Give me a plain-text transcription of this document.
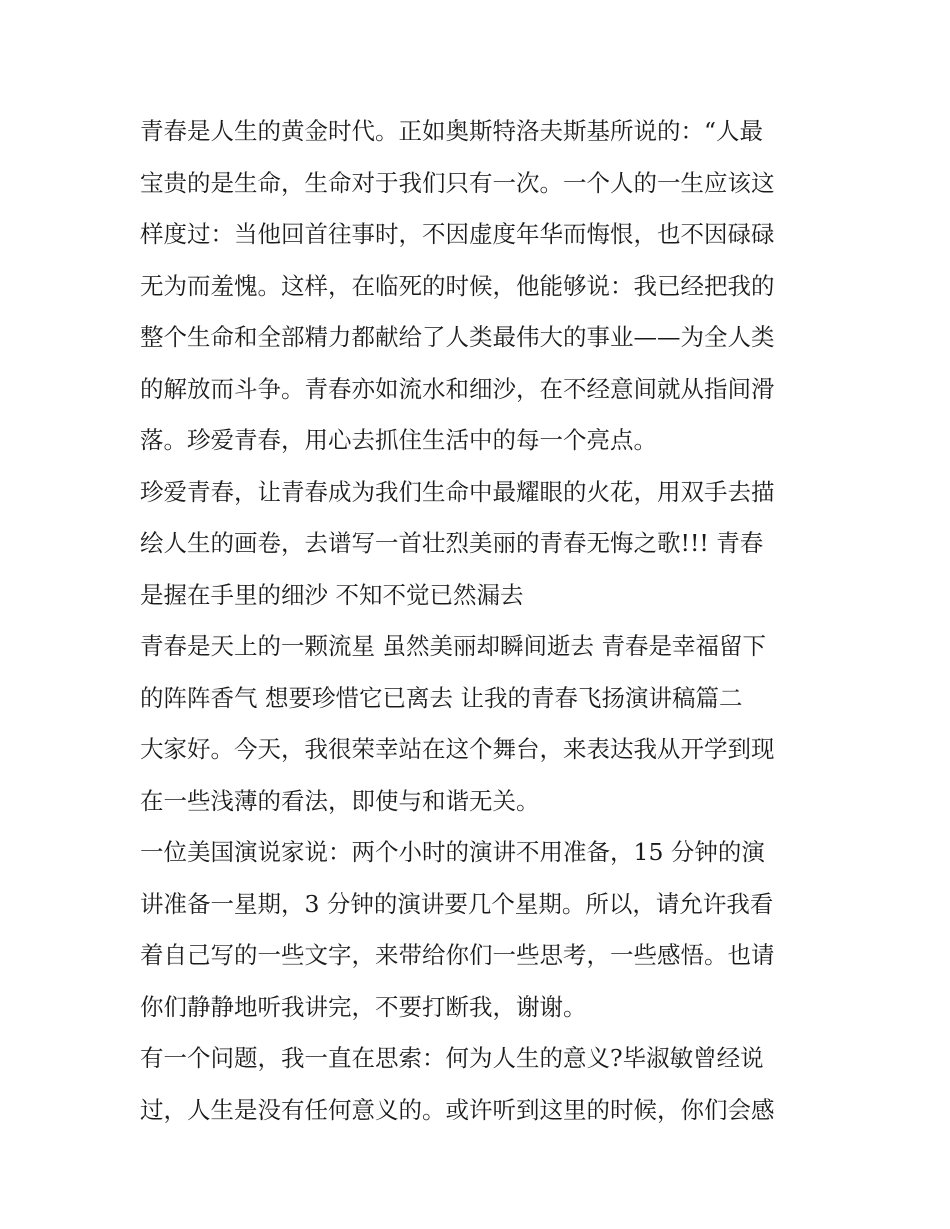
青春是人生的黄金时代。正如奥斯特洛夫斯基所说的：“人最
宝贵的是生命，生命对于我们只有一次。一个人的一生应该这
样度过：当他回首往事时，不因虚度年华而悔恨，也不因碌碌
无为而羞愧。这样，在临死的时候，他能够说：我已经把我的
整个生命和全部精力都献给了人类最伟大的事业——为全人类
的解放而斗争。青春亦如流水和细沙，在不经意间就从指间滑
落。珍爱青春，用心去抓住生活中的每一个亮点。
珍爱青春，让青春成为我们生命中最耀眼的火花，用双手去描
绘人生的画卷，去谱写一首壮烈美丽的青春无悔之歌!!! 青春
是握在手里的细沙 不知不觉已然漏去
青春是天上的一颗流星 虽然美丽却瞬间逝去 青春是幸福留下
的阵阵香气 想要珍惜它已离去 让我的青春飞扬演讲稿篇二
大家好。今天，我很荣幸站在这个舞台，来表达我从开学到现
在一些浅薄的看法，即使与和谐无关。
一位美国演说家说：两个小时的演讲不用准备，15 分钟的演
讲准备一星期，3 分钟的演讲要几个星期。所以，请允许我看
着自己写的一些文字，来带给你们一些思考，一些感悟。也请
你们静静地听我讲完，不要打断我，谢谢。
有一个问题，我一直在思索：何为人生的意义?毕淑敏曾经说
过，人生是没有任何意义的。或许听到这里的时候，你们会感
